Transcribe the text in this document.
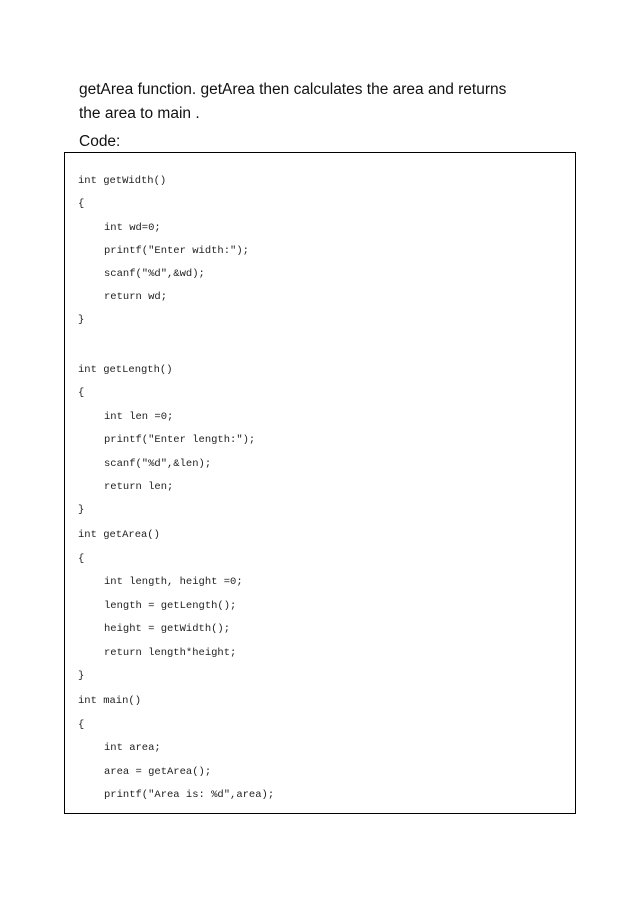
getArea function. getArea then calculates the area and returns
the area to main .

Code:

int getWidth()
{
int wd=0;
printf("Enter width:");
scanf("%d",&wd);
return wd;
}
int getLength()
{
int len =0;
printf("Enter length:");
scanf("%d",&len);
return len;
}
int getArea()
{
int length, height =0;
length = getLength();
height = getWidth();
return length*height;
}
int main()
{
int area;
area = getArea();
printf("Area is: %d",area);
